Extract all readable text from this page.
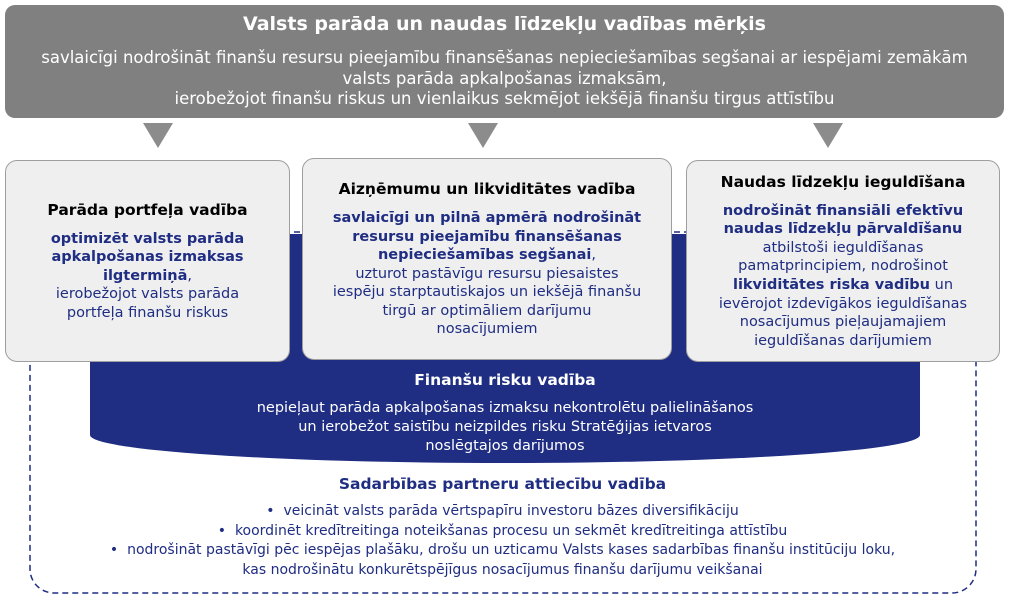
Valsts parāda un naudas līdzekļu vadības mērķis
savlaicīgi nodrošināt finanšu resursu pieejamību finansēšanas nepieciešamības segšanai ar iespējami zemākām
valsts parāda apkalpošanas izmaksām,
ierobežojot finanšu riskus un vienlaikus sekmējot iekšējā finanšu tirgus attīstību
Finanšu risku vadība
nepieļaut parāda apkalpošanas izmaksu nekontrolētu palielināšanos
un ierobežot saistību neizpildes risku Stratēģijas ietvaros
noslēgtajos darījumos
Parāda portfeļa vadība
optimizēt valsts parāda
apkalpošanas izmaksas
ilgtermiņā,
ierobežojot valsts parāda
portfeļa finanšu riskus
Aizņēmumu un likviditātes vadība
savlaicīgi un pilnā apmērā nodrošināt
resursu pieejamību finansēšanas
nepieciešamības segšanai,
uzturot pastāvīgu resursu piesaistes
iespēju starptautiskajos un iekšējā finanšu
tirgū ar optimāliem darījumu
nosacījumiem
Naudas līdzekļu ieguldīšana
nodrošināt finansiāli efektīvu
naudas līdzekļu pārvaldīšanu
atbilstoši ieguldīšanas
pamatprincipiem, nodrošinot
likviditātes riska vadību un
ievērojot izdevīgākos ieguldīšanas
nosacījumus pieļaujamajiem
ieguldīšanas darījumiem
Sadarbības partneru attiecību vadība
•  veicināt valsts parāda vērtspapīru investoru bāzes diversifikāciju
•  koordinēt kredītreitinga noteikšanas procesu un sekmēt kredītreitinga attīstību
•  nodrošināt pastāvīgi pēc iespējas plašāku, drošu un uzticamu Valsts kases sadarbības finanšu institūciju loku,
kas nodrošinātu konkurētspējīgus nosacījumus finanšu darījumu veikšanai
